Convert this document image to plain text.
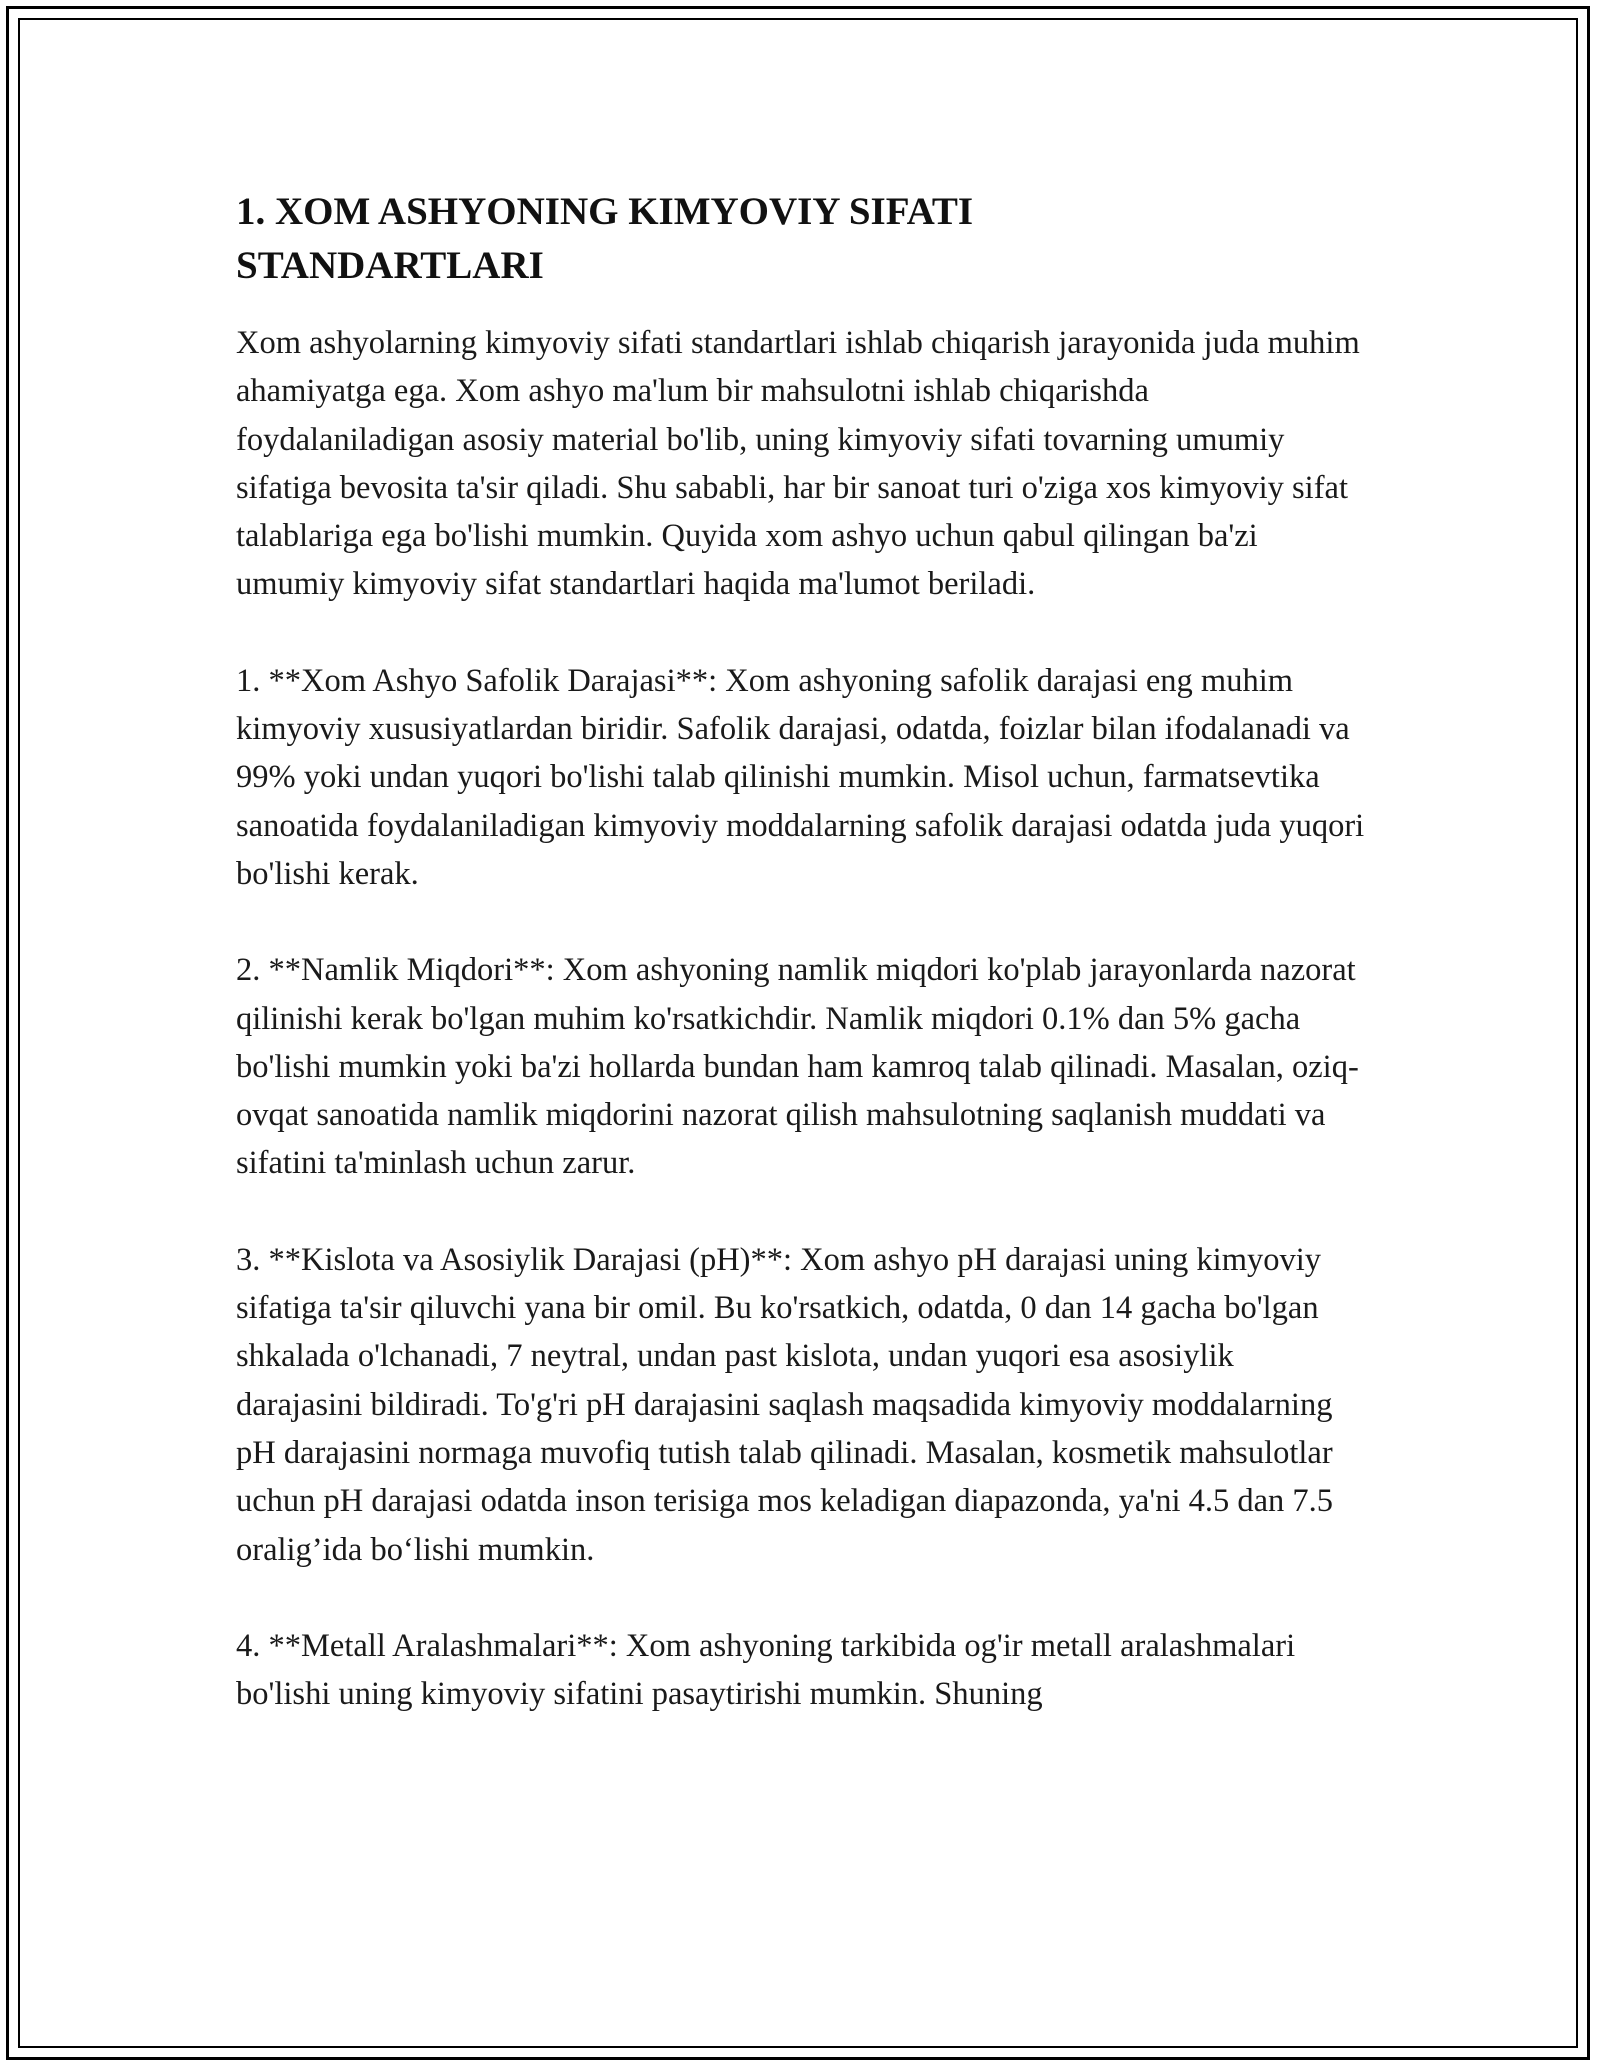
1. XOM ASHYONING KIMYOVIY SIFATI STANDARTLARI

Xom ashyolarning kimyoviy sifati standartlari ishlab chiqarish jarayonida juda muhim ahamiyatga ega. Xom ashyo ma'lum bir mahsulotni ishlab chiqarishda foydalaniladigan asosiy material bo'lib, uning kimyoviy sifati tovarning umumiy sifatiga bevosita ta'sir qiladi. Shu sababli, har bir sanoat turi o'ziga xos kimyoviy sifat talablariga ega bo'lishi mumkin. Quyida xom ashyo uchun qabul qilingan ba'zi umumiy kimyoviy sifat standartlari haqida ma'lumot beriladi.

1. **Xom Ashyo Safolik Darajasi**: Xom ashyoning safolik darajasi eng muhim kimyoviy xususiyatlardan biridir. Safolik darajasi, odatda, foizlar bilan ifodalanadi va 99% yoki undan yuqori bo'lishi talab qilinishi mumkin. Misol uchun, farmatsevtika sanoatida foydalaniladigan kimyoviy moddalarning safolik darajasi odatda juda yuqori bo'lishi kerak.

2. **Namlik Miqdori**: Xom ashyoning namlik miqdori ko'plab jarayonlarda nazorat qilinishi kerak bo'lgan muhim ko'rsatkichdir. Namlik miqdori 0.1% dan 5% gacha bo'lishi mumkin yoki ba'zi hollarda bundan ham kamroq talab qilinadi. Masalan, oziq-ovqat sanoatida namlik miqdorini nazorat qilish mahsulotning saqlanish muddati va sifatini ta'minlash uchun zarur.

3. **Kislota va Asosiylik Darajasi (pH)**: Xom ashyo pH darajasi uning kimyoviy sifatiga ta'sir qiluvchi yana bir omil. Bu ko'rsatkich, odatda, 0 dan 14 gacha bo'lgan shkalada o'lchanadi, 7 neytral, undan past kislota, undan yuqori esa asosiylik darajasini bildiradi. To'g'ri pH darajasini saqlash maqsadida kimyoviy moddalarning pH darajasini normaga muvofiq tutish talab qilinadi. Masalan, kosmetik mahsulotlar uchun pH darajasi odatda inson terisiga mos keladigan diapazonda, ya'ni 4.5 dan 7.5 oralig’ida bo‘lishi mumkin.

4. **Metall Aralashmalari**: Xom ashyoning tarkibida og'ir metall aralashmalari bo'lishi uning kimyoviy sifatini pasaytirishi mumkin. Shuning
